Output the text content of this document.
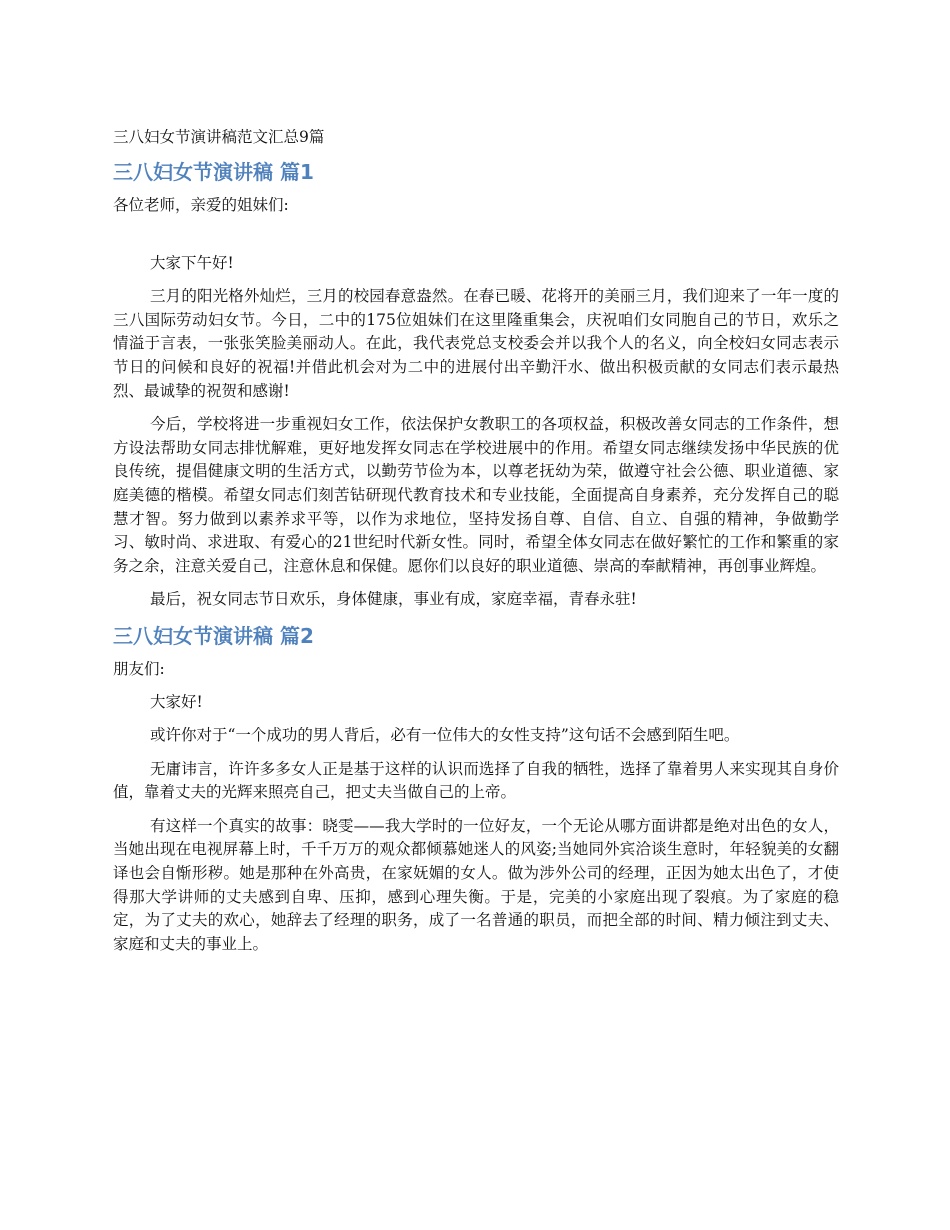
三八妇女节演讲稿范文汇总9篇
三八妇女节演讲稿 篇1

各位老师，亲爱的姐妹们:

大家下午好!

三月的阳光格外灿烂，三月的校园春意盎然。在春已暖、花将开的美丽三月，我们迎来了一年一度的三八国际劳动妇女节。今日，二中的175位姐妹们在这里隆重集会，庆祝咱们女同胞自己的节日，欢乐之情溢于言表，一张张笑脸美丽动人。在此，我代表党总支校委会并以我个人的名义，向全校妇女同志表示节日的问候和良好的祝福!并借此机会对为二中的进展付出辛勤汗水、做出积极贡献的女同志们表示最热烈、最诚挚的祝贺和感谢!

今后，学校将进一步重视妇女工作，依法保护女教职工的各项权益，积极改善女同志的工作条件，想方设法帮助女同志排忧解难，更好地发挥女同志在学校进展中的作用。希望女同志继续发扬中华民族的优良传统，提倡健康文明的生活方式，以勤劳节俭为本，以尊老抚幼为荣，做遵守社会公德、职业道德、家庭美德的楷模。希望女同志们刻苦钻研现代教育技术和专业技能，全面提高自身素养，充分发挥自己的聪慧才智。努力做到以素养求平等，以作为求地位，坚持发扬自尊、自信、自立、自强的精神，争做勤学习、敏时尚、求进取、有爱心的21世纪时代新女性。同时，希望全体女同志在做好繁忙的工作和繁重的家务之余，注意关爱自己，注意休息和保健。愿你们以良好的职业道德、崇高的奉献精神，再创事业辉煌。

最后，祝女同志节日欢乐，身体健康，事业有成，家庭幸福，青春永驻!

三八妇女节演讲稿 篇2

朋友们:

大家好!

或许你对于“一个成功的男人背后，必有一位伟大的女性支持”这句话不会感到陌生吧。

无庸讳言，许许多多女人正是基于这样的认识而选择了自我的牺牲，选择了靠着男人来实现其自身价值，靠着丈夫的光辉来照亮自己，把丈夫当做自己的上帝。

有这样一个真实的故事：晓雯——我大学时的一位好友，一个无论从哪方面讲都是绝对出色的女人，当她出现在电视屏幕上时，千千万万的观众都倾慕她迷人的风姿;当她同外宾洽谈生意时，年轻貌美的女翻译也会自惭形秽。她是那种在外高贵，在家妩媚的女人。做为涉外公司的经理，正因为她太出色了，才使得那大学讲师的丈夫感到自卑、压抑，感到心理失衡。于是，完美的小家庭出现了裂痕。为了家庭的稳定，为了丈夫的欢心，她辞去了经理的职务，成了一名普通的职员，而把全部的时间、精力倾注到丈夫、家庭和丈夫的事业上。
